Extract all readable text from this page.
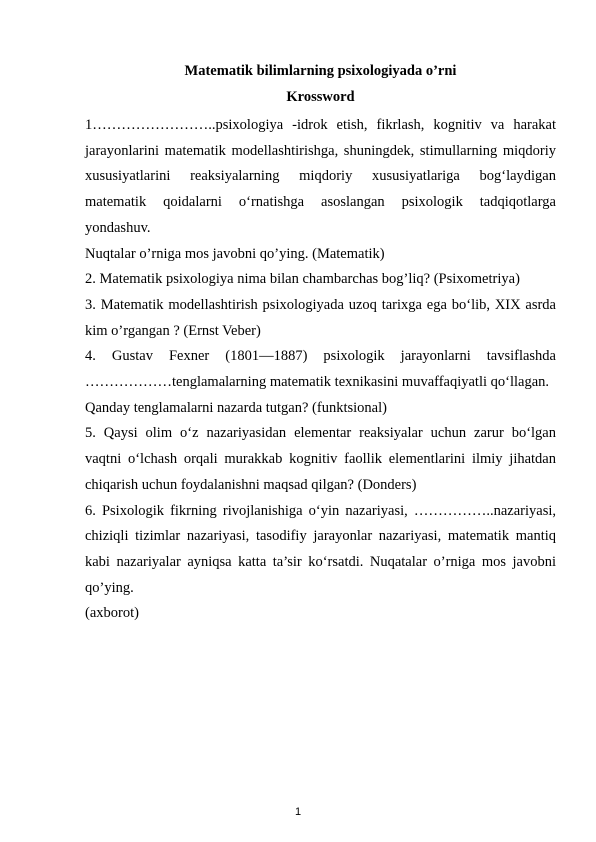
Matematik bilimlarning psixologiyada o’rni
Krossword

1……………………..psixologiya -idrok etish, fikrlash, kognitiv va harakat jarayonlarini matematik modellashtirishga, shuningdek, stimullarning miqdoriy xususiyatlarini reaksiyalarning miqdoriy xususiyatlariga bog‘laydigan matematik qoidalarni o‘rnatishga asoslangan psixologik tadqiqotlarga yondashuv.

Nuqtalar o’rniga mos javobni qo’ying. (Matematik)

2. Matematik psixologiya nima bilan chambarchas bog’liq? (Psixometriya)

3. Matematik modellashtirish psixologiyada uzoq tarixga ega bo‘lib, XIX asrda kim o’rgangan ? (Ernst Veber)

4. Gustav Fexner (1801—1887) psixologik jarayonlarni tavsiflashda ………………tenglamalarning matematik texnikasini muvaffaqiyatli qo‘llagan.

Qanday tenglamalarni nazarda tutgan? (funktsional)

5. Qaysi olim o‘z nazariyasidan elementar reaksiyalar uchun zarur bo‘lgan vaqtni o‘lchash orqali murakkab kognitiv faollik elementlarini ilmiy jihatdan chiqarish uchun foydalanishni maqsad qilgan? (Donders)

6. Psixologik fikrning rivojlanishiga o‘yin nazariyasi, ……………..nazariyasi, chiziqli tizimlar nazariyasi, tasodifiy jarayonlar nazariyasi, matematik mantiq kabi nazariyalar ayniqsa katta ta’sir ko‘rsatdi. Nuqatalar o’rniga mos javobni qo’ying.

(axborot)

1
